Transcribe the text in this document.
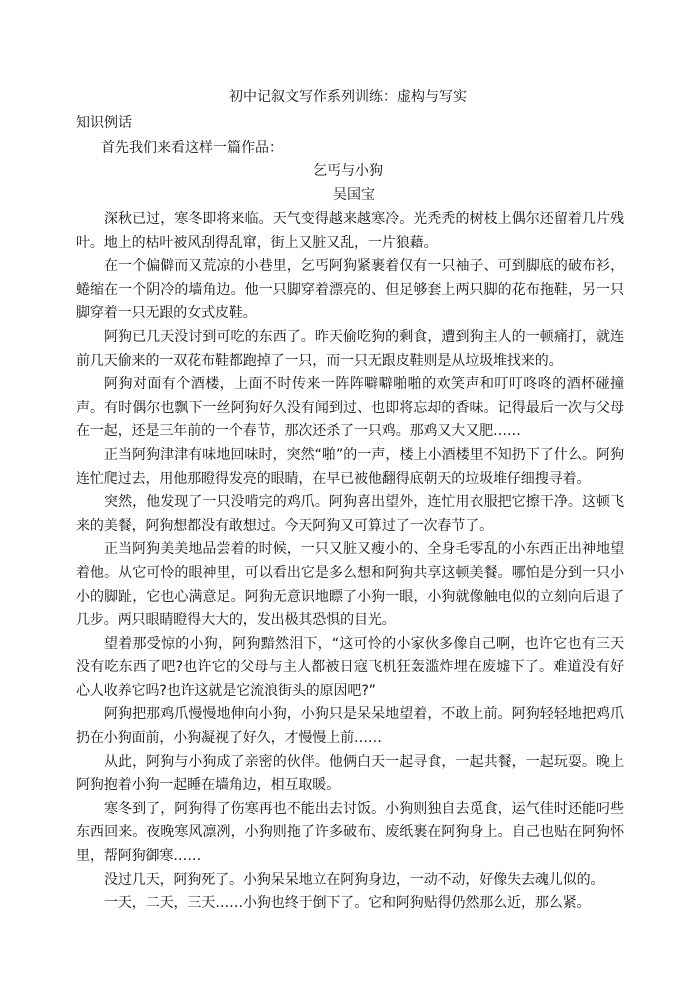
初中记叙文写作系列训练：虚构与写实
知识例话
首先我们来看这样一篇作品：
乞丐与小狗
吴国宝

深秋已过，寒冬即将来临。天气变得越来越寒冷。光秃秃的树枝上偶尔还留着几片残叶。地上的枯叶被风刮得乱窜，街上又脏又乱，一片狼藉。

在一个偏僻而又荒凉的小巷里，乞丐阿狗紧裹着仅有一只袖子、可到脚底的破布衫，蜷缩在一个阴冷的墙角边。他一只脚穿着漂亮的、但足够套上两只脚的花布拖鞋，另一只脚穿着一只无跟的女式皮鞋。

阿狗已几天没讨到可吃的东西了。昨天偷吃狗的剩食，遭到狗主人的一顿痛打，就连前几天偷来的一双花布鞋都跑掉了一只，而一只无跟皮鞋则是从垃圾堆找来的。

阿狗对面有个酒楼，上面不时传来一阵阵噼噼啪啪的欢笑声和叮叮咚咚的酒杯碰撞声。有时偶尔也飘下一丝阿狗好久没有闻到过、也即将忘却的香味。记得最后一次与父母在一起，还是三年前的一个春节，那次还杀了一只鸡。那鸡又大又肥……

正当阿狗津津有味地回味时，突然“啪”的一声，楼上小酒楼里不知扔下了什么。阿狗连忙爬过去，用他那瞪得发亮的眼睛，在早已被他翻得底朝天的垃圾堆仔细搜寻着。

突然，他发现了一只没啃完的鸡爪。阿狗喜出望外，连忙用衣服把它擦干净。这顿飞来的美餐，阿狗想都没有敢想过。今天阿狗又可算过了一次春节了。

正当阿狗美美地品尝着的时候，一只又脏又瘦小的、全身毛零乱的小东西正出神地望着他。从它可怜的眼神里，可以看出它是多么想和阿狗共享这顿美餐。哪怕是分到一只小小的脚趾，它也心满意足。阿狗无意识地瞟了小狗一眼，小狗就像触电似的立刻向后退了几步。两只眼睛瞪得大大的，发出极其恐惧的目光。

望着那受惊的小狗，阿狗黯然泪下，“这可怜的小家伙多像自己啊，也许它也有三天没有吃东西了吧?也许它的父母与主人都被日寇飞机狂轰滥炸埋在废墟下了。难道没有好心人收养它吗?也许这就是它流浪街头的原因吧?”

阿狗把那鸡爪慢慢地伸向小狗，小狗只是呆呆地望着，不敢上前。阿狗轻轻地把鸡爪扔在小狗面前，小狗凝视了好久，才慢慢上前……

从此，阿狗与小狗成了亲密的伙伴。他俩白天一起寻食，一起共餐，一起玩耍。晚上阿狗抱着小狗一起睡在墙角边，相互取暖。

寒冬到了，阿狗得了伤寒再也不能出去讨饭。小狗则独自去觅食，运气佳时还能叼些东西回来。夜晚寒风凛冽，小狗则拖了许多破布、废纸裹在阿狗身上。自己也贴在阿狗怀里，帮阿狗御寒……

没过几天，阿狗死了。小狗呆呆地立在阿狗身边，一动不动，好像失去魂儿似的。

一天，二天，三天……小狗也终于倒下了。它和阿狗贴得仍然那么近，那么紧。
